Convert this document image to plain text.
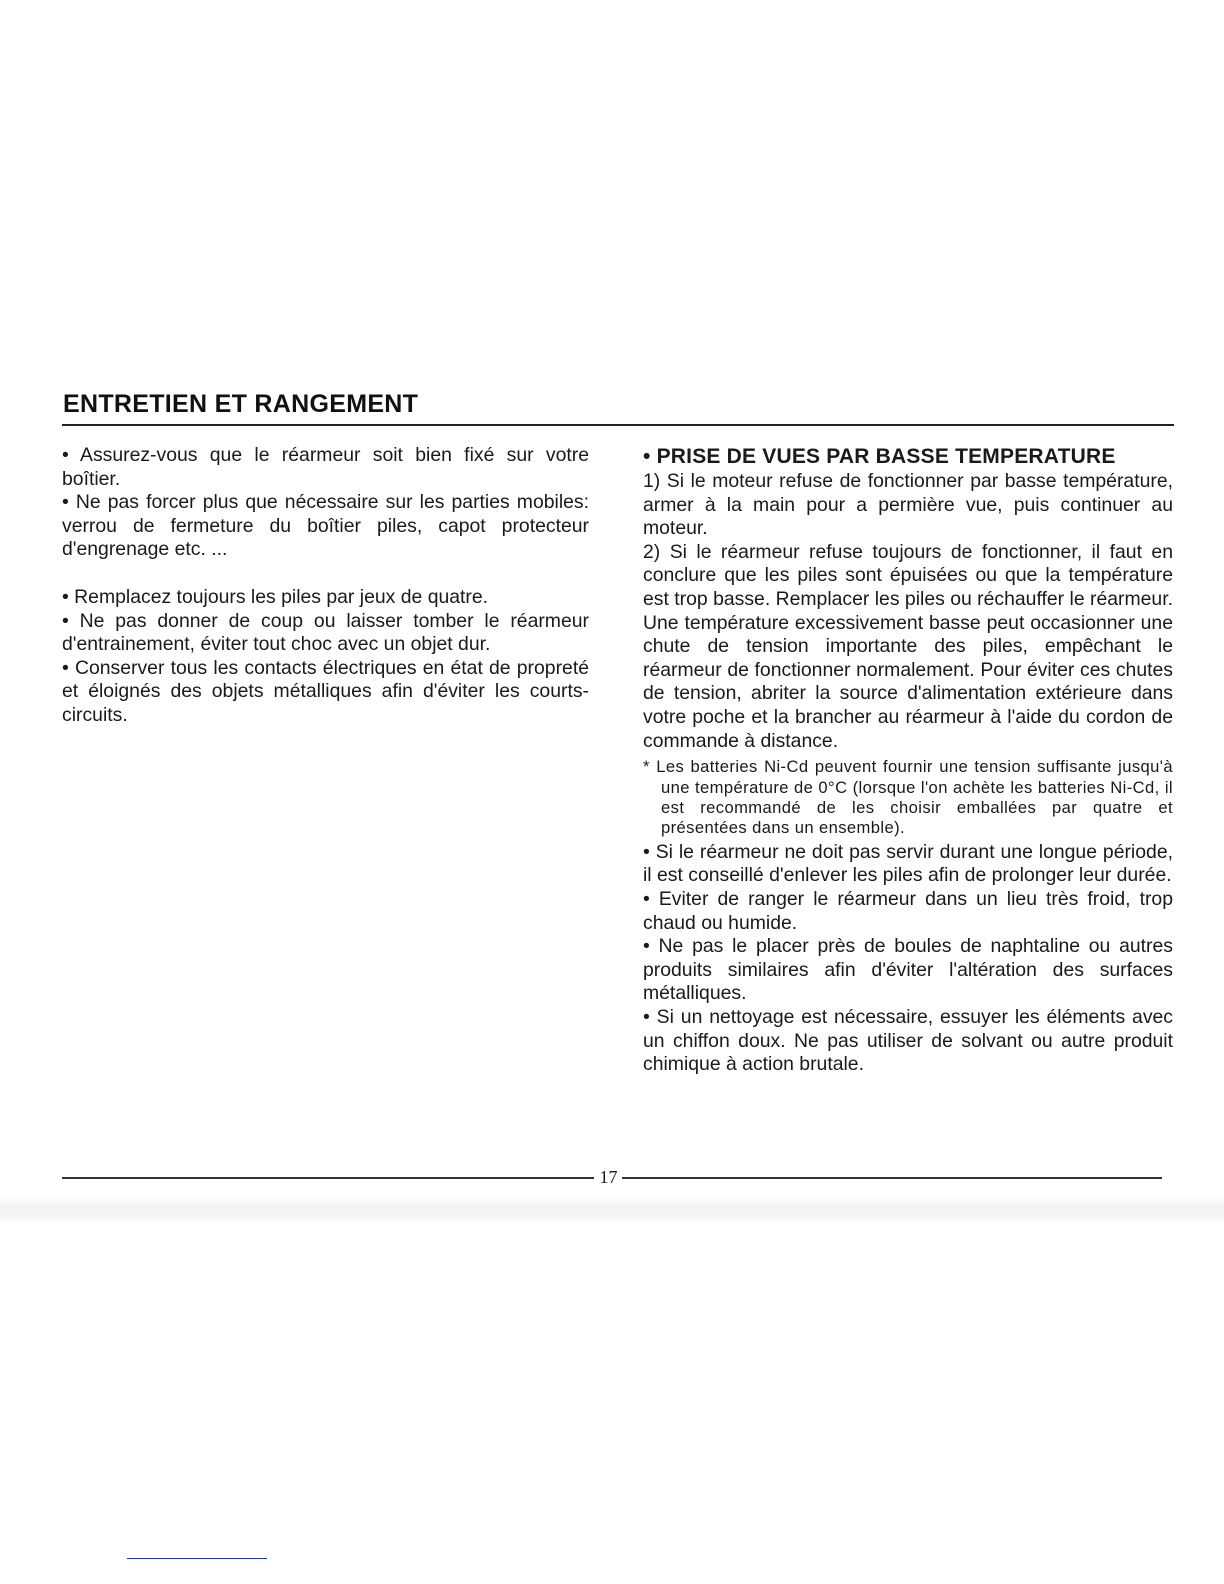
ENTRETIEN ET RANGEMENT

• Assurez-vous que le réarmeur soit bien fixé sur votre boîtier.

• Ne pas forcer plus que nécessaire sur les parties mobiles: verrou de fermeture du boîtier piles, capot protecteur d'engrenage etc. ...

• Remplacez toujours les piles par jeux de quatre.

• Ne pas donner de coup ou laisser tomber le réarmeur d'entrainement, éviter tout choc avec un objet dur.

• Conserver tous les contacts électriques en état de propreté et éloignés des objets métalliques afin d'éviter les courts-circuits.

• PRISE DE VUES PAR BASSE TEMPERATURE

1) Si le moteur refuse de fonctionner par basse température, armer à la main pour a permière vue, puis continuer au moteur.

2) Si le réarmeur refuse toujours de fonctionner, il faut en conclure que les piles sont épuisées ou que la température est trop basse. Remplacer les piles ou réchauffer le réarmeur. Une température excessivement basse peut occasionner une chute de tension importante des piles, empêchant le réarmeur de fonctionner normalement. Pour éviter ces chutes de tension, abriter la source d'alimentation extérieure dans votre poche et la brancher au réarmeur à l'aide du cordon de commande à distance.

* Les batteries Ni-Cd peuvent fournir une tension suffisante jusqu'à une température de 0°C (lorsque l'on achète les batteries Ni-Cd, il est recommandé de les choisir emballées par quatre et présentées dans un ensemble).

• Si le réarmeur ne doit pas servir durant une longue période, il est conseillé d'enlever les piles afin de prolonger leur durée.

• Eviter de ranger le réarmeur dans un lieu très froid, trop chaud ou humide.

• Ne pas le placer près de boules de naphtaline ou autres produits similaires afin d'éviter l'altération des surfaces métalliques.

• Si un nettoyage est nécessaire, essuyer les éléments avec un chiffon doux. Ne pas utiliser de solvant ou autre produit chimique à action brutale.

17
